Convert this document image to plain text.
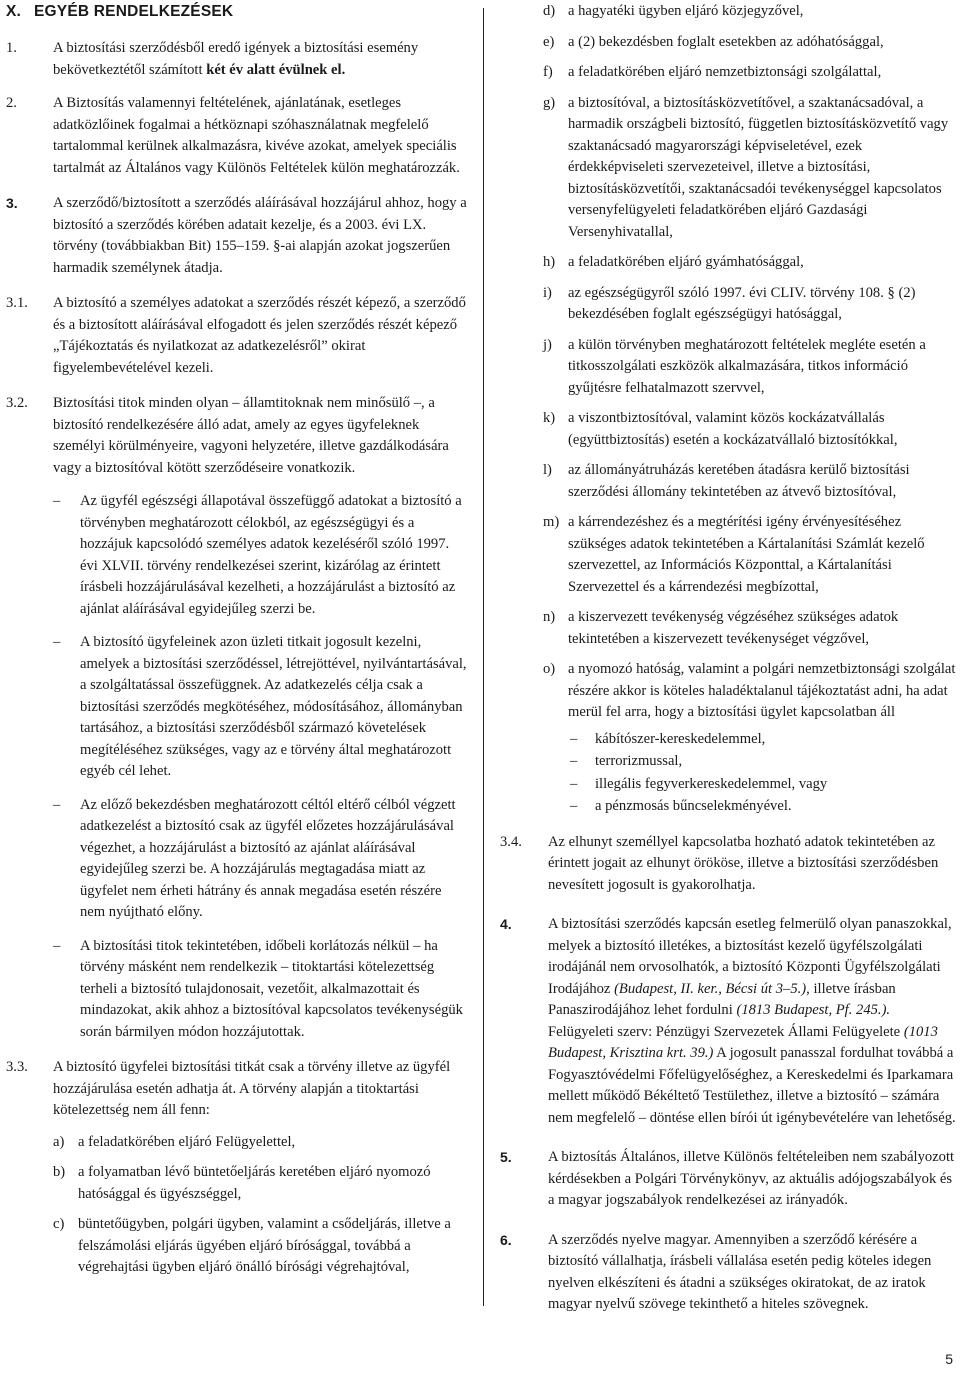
X. EGYÉB RENDELKEZÉSEK
1. A biztosítási szerződésből eredő igények a biztosítási esemény bekövetkeztétől számított két év alatt évülnek el.
2. A Biztosítás valamennyi feltételének, ajánlatának, esetleges adatközlőinek fogalmai a hétköznapi szóhasználatnak megfelelő tartalommal kerülnek alkalmazásra, kivéve azokat, amelyek speciális tartalmát az Általános vagy Különös Feltételek külön meghatározzák.
3. A szerződő/biztosított a szerződés aláírásával hozzájárul ahhoz, hogy a biztosító a szerződés körében adatait kezelje, és a 2003. évi LX. törvény (továbbiakban Bit) 155–159. §-ai alapján azokat jogszerűen harmadik személynek átadja.
3.1. A biztosító a személyes adatokat a szerződés részét képező, a szerződő és a biztosított aláírásával elfogadott és jelen szerződés részét képező „Tájékoztatás és nyilatkozat az adatkezelésről” okirat figyelembevételével kezeli.
3.2. Biztosítási titok minden olyan – államtitoknak nem minősülő –, a biztosító rendelkezésére álló adat, amely az egyes ügyfeleknek személyi körülményeire, vagyoni helyzetére, illetve gazdálkodására vagy a biztosítóval kötött szerződéseire vonatkozik.
– Az ügyfél egészségi állapotával összefüggő adatokat a biztosító a törvényben meghatározott célokból, az egészségügyi és a hozzájuk kapcsolódó személyes adatok kezeléséről szóló 1997. évi XLVII. törvény rendelkezései szerint, kizárólag az érintett írásbeli hozzájárulásával kezelheti, a hozzájárulást a biztosító az ajánlat aláírásával egyidejűleg szerzi be.
– A biztosító ügyfeleinek azon üzleti titkait jogosult kezelni, amelyek a biztosítási szerződéssel, létrejöttével, nyilvántartásával, a szolgáltatással összefüggnek. Az adatkezelés célja csak a biztosítási szerződés megkötéséhez, módosításához, állományban tartásához, a biztosítási szerződésből származó követelések megítéléséhez szükséges, vagy az e törvény által meghatározott egyéb cél lehet.
– Az előző bekezdésben meghatározott céltól eltérő célból végzett adatkezelést a biztosító csak az ügyfél előzetes hozzájárulásával végezhet, a hozzájárulást a biztosító az ajánlat aláírásával egyidejűleg szerzi be. A hozzájárulás megtagadása miatt az ügyfelet nem érheti hátrány és annak megadása esetén részére nem nyújtható előny.
– A biztosítási titok tekintetében, időbeli korlátozás nélkül – ha törvény másként nem rendelkezik – titoktartási kötelezettség terheli a biztosító tulajdonosait, vezetőit, alkalmazottait és mindazokat, akik ahhoz a biztosítóval kapcsolatos tevékenységük során bármilyen módon hozzájutottak.
3.3. A biztosító ügyfelei biztosítási titkát csak a törvény illetve az ügyfél hozzájárulása esetén adhatja át. A törvény alapján a titoktartási kötelezettség nem áll fenn:
a) a feladatkörében eljáró Felügyelettel,
b) a folyamatban lévő büntetőeljárás keretében eljáró nyomozó hatósággal és ügyészséggel,
c) büntetőügyben, polgári ügyben, valamint a csődeljárás, illetve a felszámolási eljárás ügyében eljáró bírósággal, továbbá a végrehajtási ügyben eljáró önálló bírósági végrehajtóval,
d) a hagyatéki ügyben eljáró közjegyzővel,
e) a (2) bekezdésben foglalt esetekben az adóhatósággal,
f) a feladatkörében eljáró nemzetbiztonsági szolgálattal,
g) a biztosítóval, a biztosításközvetítővel, a szaktanácsadóval, a harmadik országbeli biztosító, független biztosításközvetítő vagy szaktanácsadó magyarországi képviseletével, ezek érdekképviseleti szervezeteivel, illetve a biztosítási, biztosításközvetítői, szaktanácsadói tevékenységgel kapcsolatos versenyfelügyeleti feladatkörében eljáró Gazdasági Versenyhivatallal,
h) a feladatkörében eljáró gyámhatósággal,
i) az egészségügyről szóló 1997. évi CLIV. törvény 108. § (2) bekezdésében foglalt egészségügyi hatósággal,
j) a külön törvényben meghatározott feltételek megléte esetén a titkosszolgálati eszközök alkalmazására, titkos információ gyűjtésre felhatalmazott szervvel,
k) a viszontbiztosítóval, valamint közös kockázatvállalás (együttbiztosítás) esetén a kockázatvállaló biztosítókkal,
l) az állományátruházás keretében átadásra kerülő biztosítási szerződési állomány tekintetében az átvevő biztosítóval,
m) a kárrendezéshez és a megtérítési igény érvényesítéséhez szükséges adatok tekintetében a Kártalanítási Számlát kezelő szervezettel, az Információs Központtal, a Kártalanítási Szervezettel és a kárrendezési megbízottal,
n) a kiszervezett tevékenység végzéséhez szükséges adatok tekintetében a kiszervezett tevékenységet végzővel,
o) a nyomozó hatóság, valamint a polgári nemzetbiztonsági szolgálat részére akkor is köteles haladéktalanul tájékoztatást adni, ha adat merül fel arra, hogy a biztosítási ügylet kapcsolatban áll
– kábítószer-kereskedelemmel,
– terrorizmussal,
– illegális fegyverkereskedelemmel, vagy
– a pénzmosás bűncselekményével.
3.4. Az elhunyt személlyel kapcsolatba hozható adatok tekintetében az érintett jogait az elhunyt örököse, illetve a biztosítási szerződésben nevesített jogosult is gyakorolhatja.
4. A biztosítási szerződés kapcsán esetleg felmerülő olyan panaszokkal, melyek a biztosító illetékes, a biztosítást kezelő ügyfélszolgálati irodájánál nem orvosolhatók, a biztosító Központi Ügyfélszolgálati Irodájához (Budapest, II. ker., Bécsi út 3–5.), illetve írásban Panaszirodájához lehet fordulni (1813 Budapest, Pf. 245.). Felügyeleti szerv: Pénzügyi Szervezetek Állami Felügyelete (1013 Budapest, Krisztina krt. 39.) A jogosult panasszal fordulhat továbbá a Fogyasztóvédelmi Főfelügyelőséghez, a Kereskedelmi és Iparkamara mellett működő Békéltető Testülethez, illetve a biztosító – számára nem megfelelő – döntése ellen bírói út igénybevételére van lehetőség.
5. A biztosítás Általános, illetve Különös feltételeiben nem szabályozott kérdésekben a Polgári Törvénykönyv, az aktuális adójogszabályok és a magyar jogszabályok rendelkezései az irányadók.
6. A szerződés nyelve magyar. Amennyiben a szerződő kérésére a biztosító vállalhatja, írásbeli vállalása esetén pedig köteles idegen nyelven elkészíteni és átadni a szükséges okiratokat, de az iratok magyar nyelvű szövege tekinthető a hiteles szövegnek.
5
